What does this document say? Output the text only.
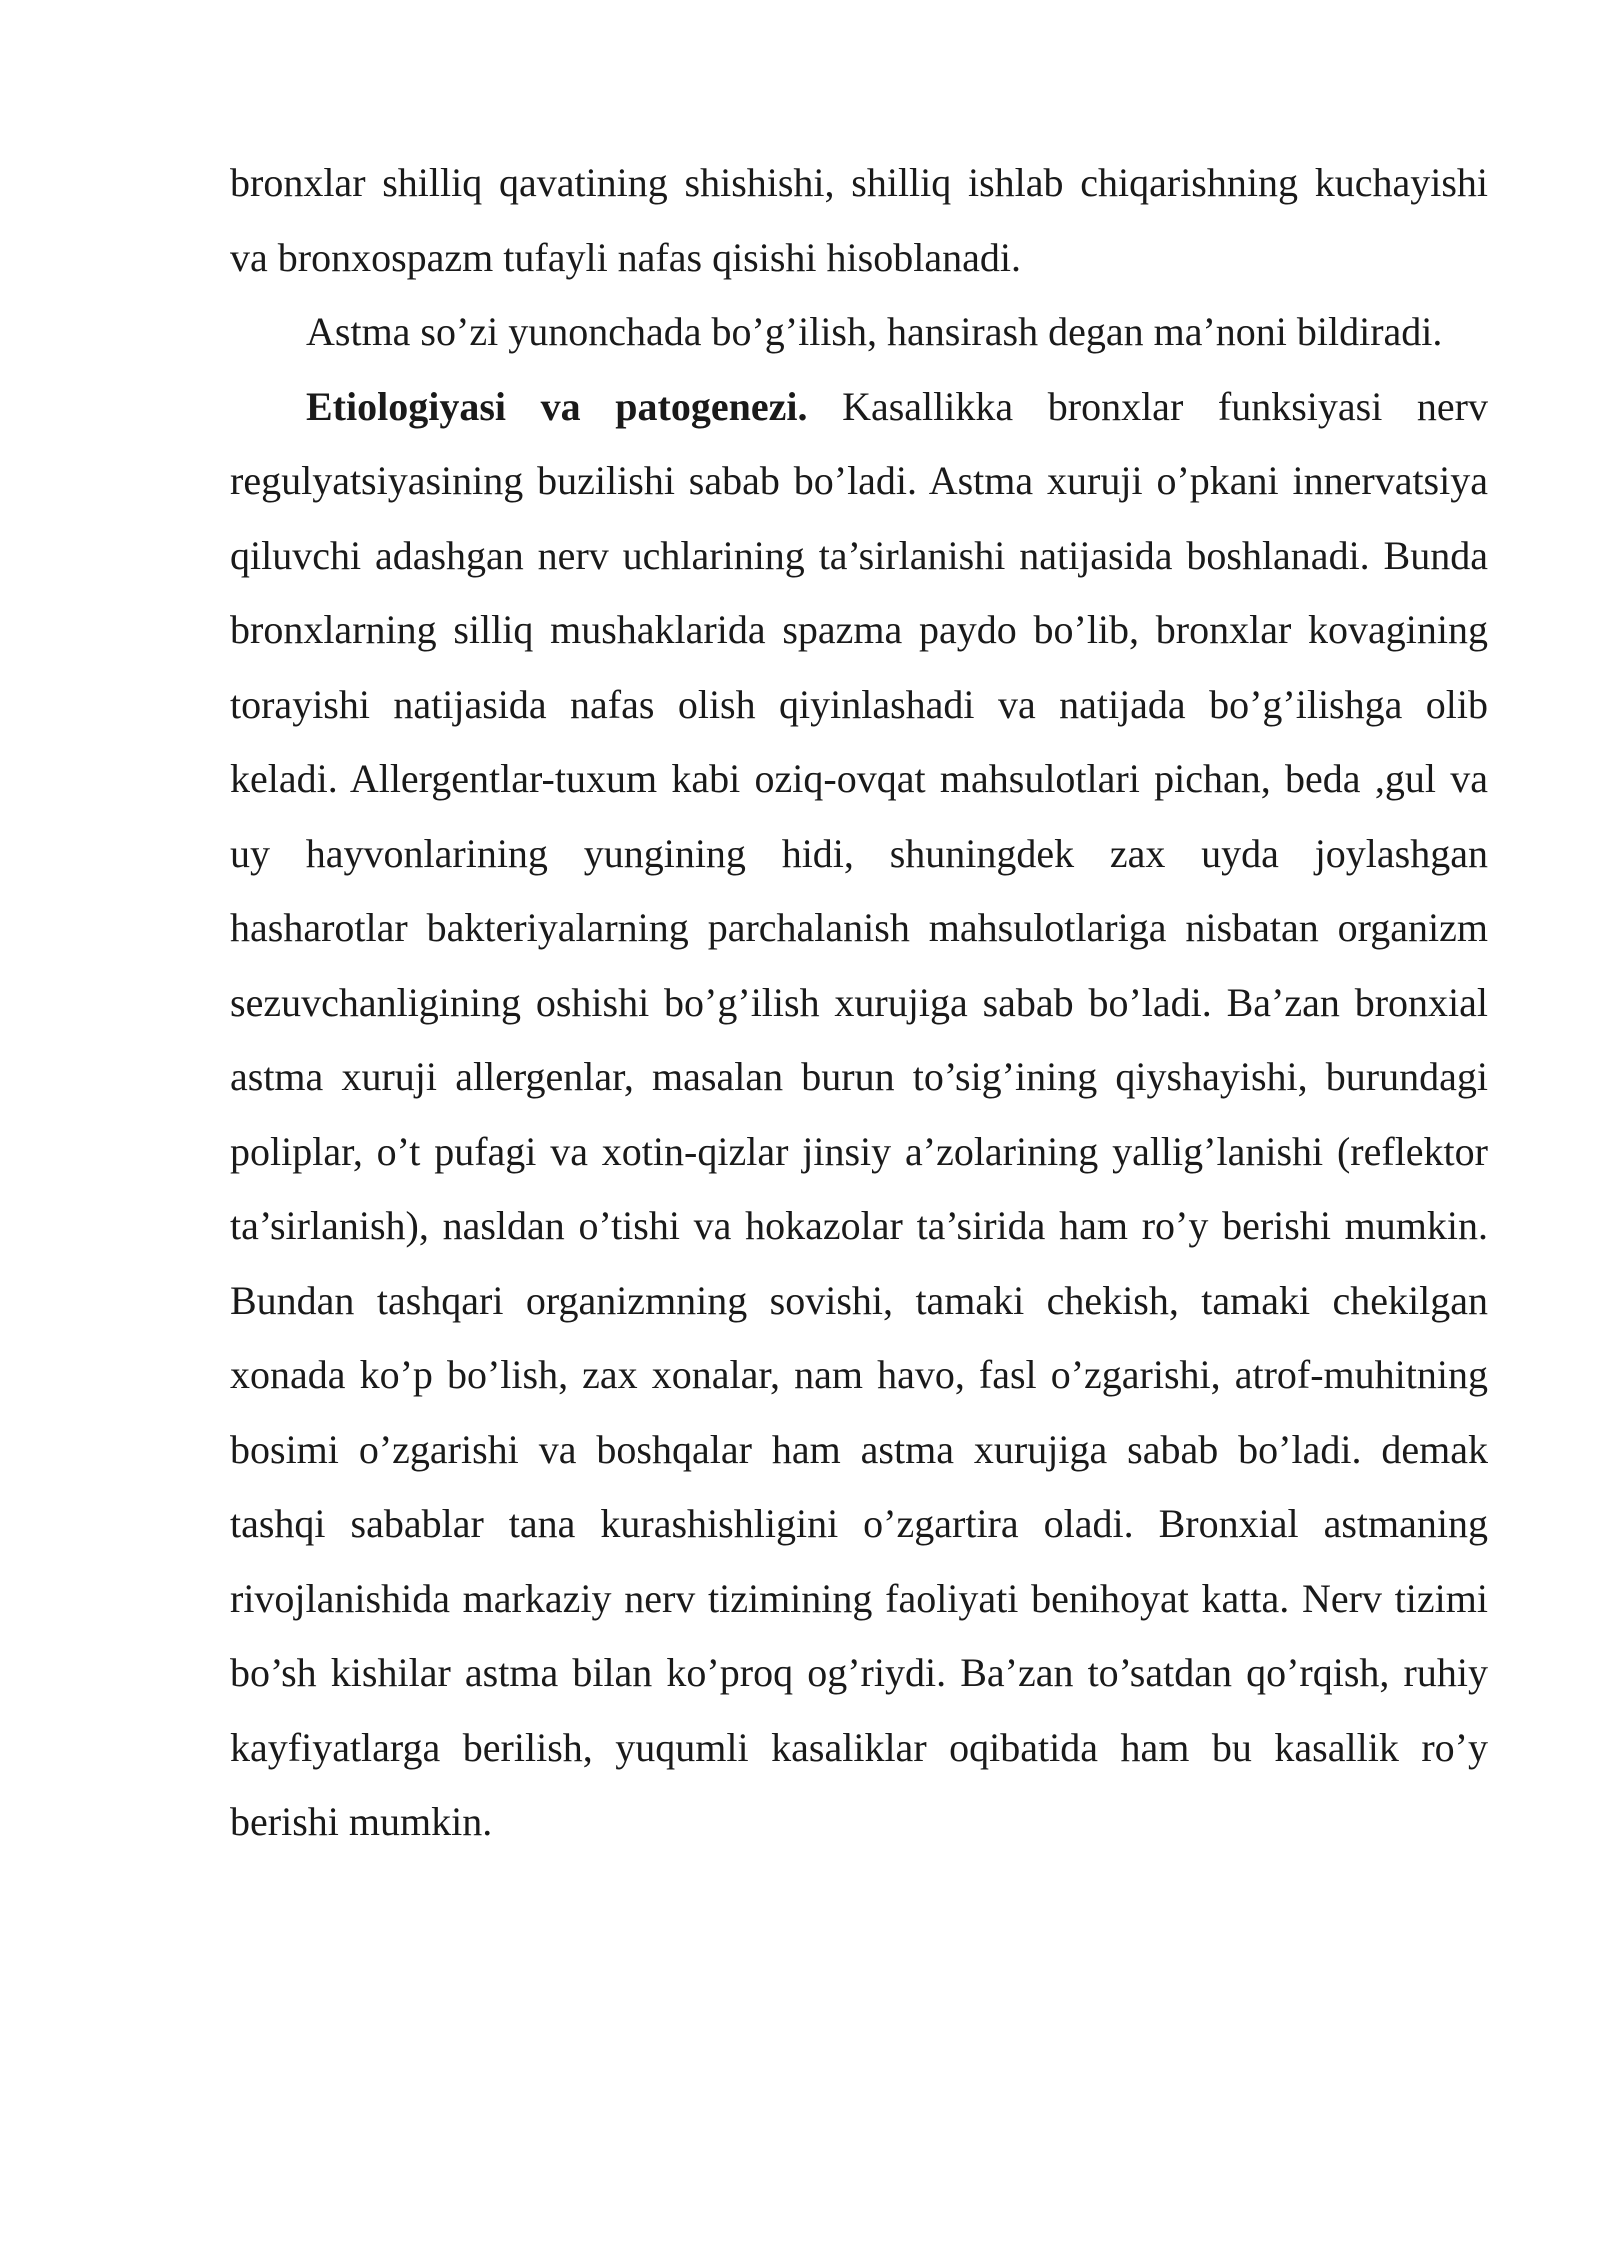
bronxlar shilliq qavatining shishishi, shilliq ishlab chiqarishning kuchayishi va bronxospazm tufayli nafas qisishi hisoblanadi.

Astma so’zi yunonchada bo’g’ilish, hansirash degan ma’noni bildiradi.

Etiologiyasi va patogenezi. Kasallikka bronxlar funksiyasi nerv regulyatsiyasining buzilishi sabab bo’ladi. Astma xuruji o’pkani innervatsiya qiluvchi adashgan nerv uchlarining ta’sirlanishi natijasida boshlanadi. Bunda bronxlarning silliq mushaklarida spazma paydo bo’lib, bronxlar kovagining torayishi natijasida nafas olish qiyinlashadi va natijada bo’g’ilishga olib keladi. Allergentlar-tuxum kabi oziq-ovqat mahsulotlari pichan, beda ,gul va uy hayvonlarining yungining hidi, shuningdek zax uyda joylashgan hasharotlar bakteriyalarning parchalanish mahsulotlariga nisbatan organizm sezuvchanligining oshishi bo’g’ilish xurujiga sabab bo’ladi. Ba’zan bronxial astma xuruji allergenlar, masalan burun to’sig’ining qiyshayishi, burundagi poliplar, o’t pufagi va xotin-qizlar jinsiy a’zolarining yallig’lanishi (reflektor ta’sirlanish), nasldan o’tishi va hokazolar ta’sirida ham ro’y berishi mumkin. Bundan tashqari organizmning sovishi, tamaki chekish, tamaki chekilgan xonada ko’p bo’lish, zax xonalar, nam havo, fasl o’zgarishi, atrof-muhitning bosimi o’zgarishi va boshqalar ham astma xurujiga sabab bo’ladi. demak tashqi sabablar tana kurashishligini o’zgartira oladi. Bronxial astmaning rivojlanishida markaziy nerv tizimining faoliyati benihoyat katta. Nerv tizimi bo’sh kishilar astma bilan ko’proq og’riydi. Ba’zan to’satdan qo’rqish, ruhiy kayfiyatlarga berilish, yuqumli kasaliklar oqibatida ham bu kasallik ro’y berishi mumkin.
